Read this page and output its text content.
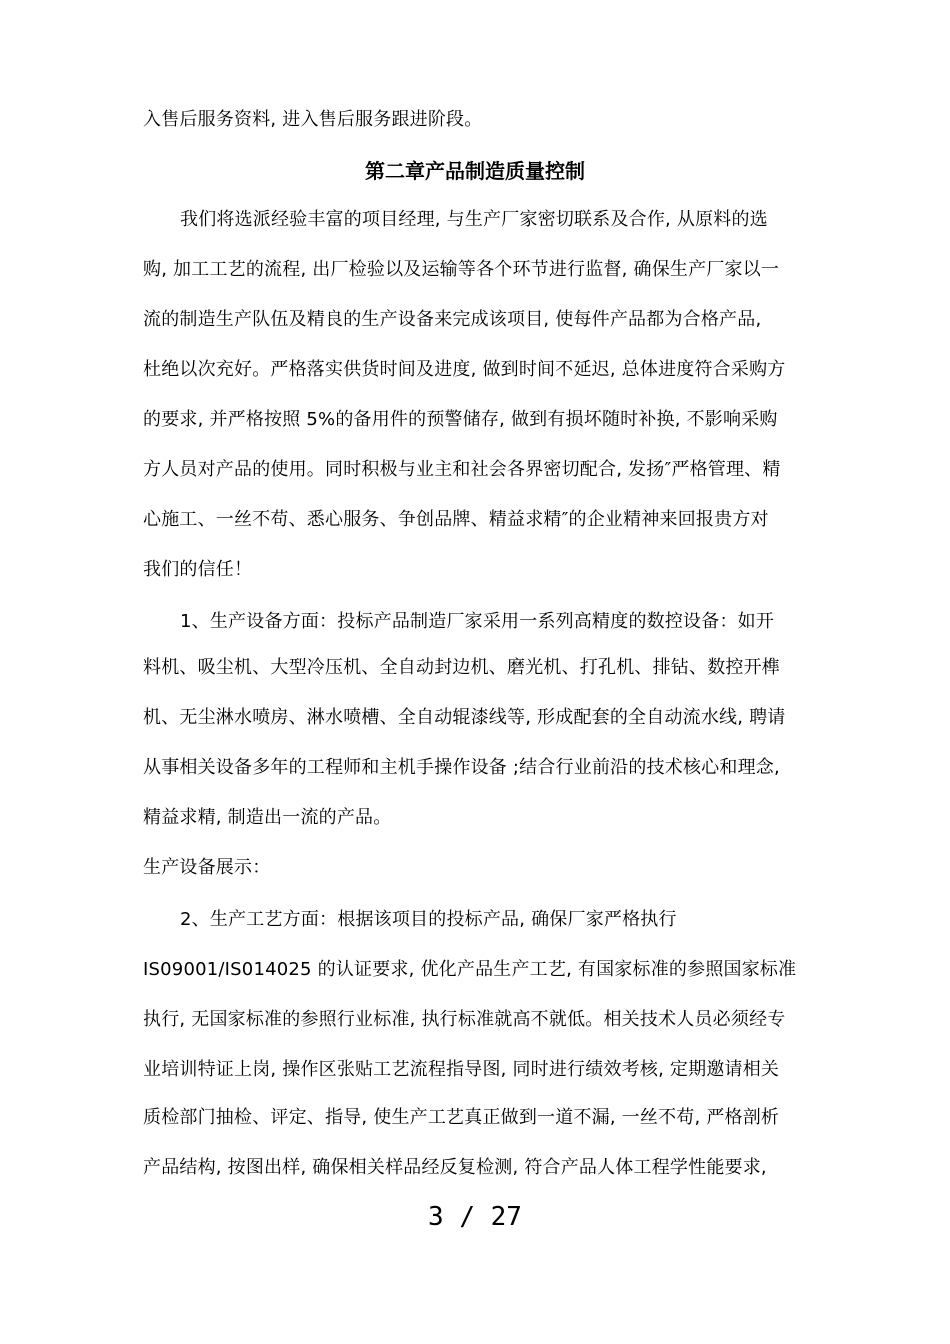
入售后服务资料, 进入售后服务跟进阶段。
第二章产品制造质量控制
我们将选派经验丰富的项目经理, 与生产厂家密切联系及合作, 从原料的选
购, 加工工艺的流程, 出厂检验以及运输等各个环节进行监督, 确保生产厂家以一
流的制造生产队伍及精良的生产设备来完成该项目, 使每件产品都为合格产品,
杜绝以次充好。严格落实供货时间及进度, 做到时间不延迟, 总体进度符合采购方
的要求, 并严格按照 5%的备用件的预警储存, 做到有损坏随时补换, 不影响采购
方人员对产品的使用。同时积极与业主和社会各界密切配合, 发扬″严格管理、精
心施工、一丝不苟、悉心服务、争创品牌、精益求精″的企业精神来回报贵方对
我们的信任！
1、生产设备方面：投标产品制造厂家采用一系列高精度的数控设备：如开
料机、吸尘机、大型冷压机、全自动封边机、磨光机、打孔机、排钻、数控开榫
机、无尘淋水喷房、淋水喷槽、全自动辊漆线等, 形成配套的全自动流水线, 聘请
从事相关设备多年的工程师和主机手操作设备 ;结合行业前沿的技术核心和理念,
精益求精, 制造出一流的产品。
生产设备展示：
2、生产工艺方面：根据该项目的投标产品, 确保厂家严格执行
IS09001/IS014025 的认证要求, 优化产品生产工艺, 有国家标准的参照国家标准
执行, 无国家标准的参照行业标准, 执行标准就高不就低。相关技术人员必须经专
业培训特证上岗, 操作区张贴工艺流程指导图, 同时进行绩效考核, 定期邀请相关
质检部门抽检、评定、指导, 使生产工艺真正做到一道不漏, 一丝不苟, 严格剖析
产品结构, 按图出样, 确保相关样品经反复检测, 符合产品人体工程学性能要求,
3 / 27
